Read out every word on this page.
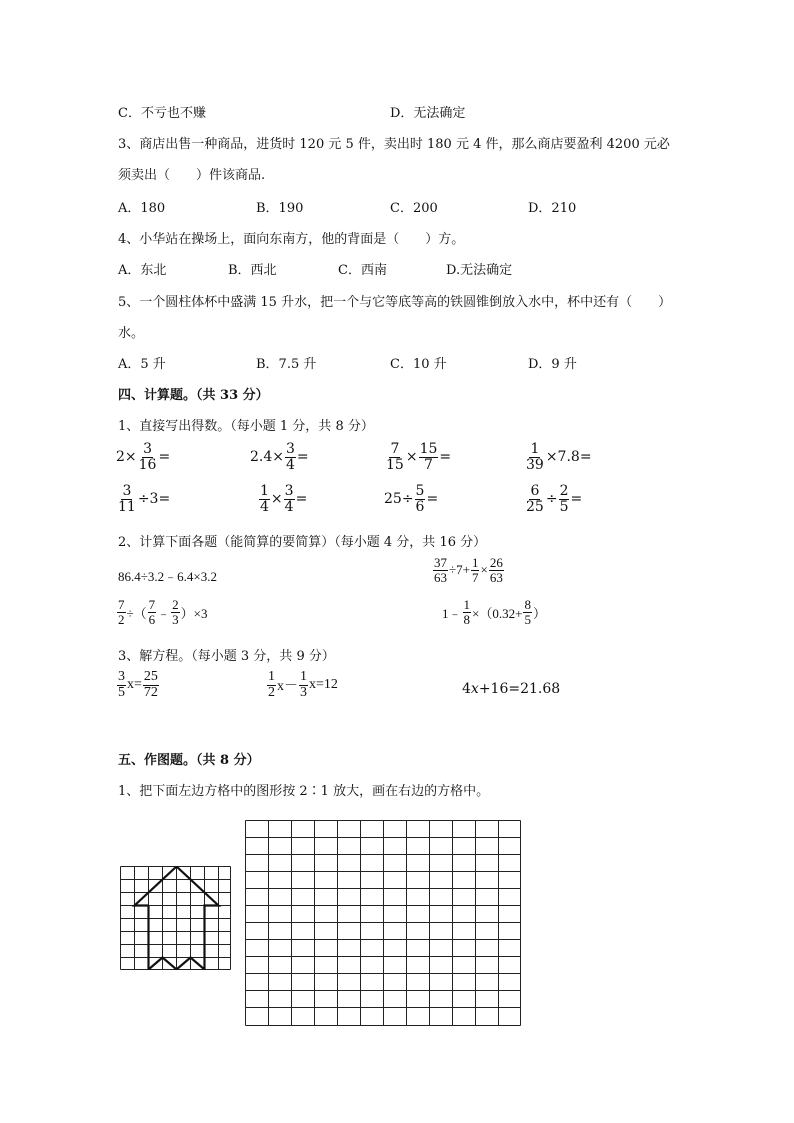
C．不亏也不赚	D．无法确定
3、商店出售一种商品，进货时 120 元 5 件，卖出时 180 元 4 件，那么商店要盈利 4200 元必
须卖出（　　）件该商品.
A．180	B．190	C．200	D．210
4、小华站在操场上，面向东南方，他的背面是（　　）方。
A．东北	B．西北	C．西南	D.无法确定
5、一个圆柱体杯中盛满 15 升水，把一个与它等底等高的铁圆锥倒放入水中，杯中还有（　　）
水。
A．5 升	B．7.5 升	C．10 升	D．9 升
四、计算题。（共 33 分）
1、直接写出得数。（每小题 1 分，共 8 分）
$2\times \frac{3}{16}$ =	$2.4\times \frac{3}{4}$ =	$\frac{7}{15} \times \frac{15}{7}$ =	$\frac{1}{39} \times 7.8=$
$\frac{3}{11} \div 3=$	$\frac{1}{4} \times \frac{3}{4}$ =	$25\div \frac{5}{6}$ =	$\frac{6}{25} \div \frac{2}{5}$ =
2、计算下面各题（能简算的要简算）（每小题 4 分，共 16 分）
86.4÷3.2﹣6.4×3.2	$\frac{37}{63} \div 7+ \frac{1}{7} \times \frac{26}{63}$
$\frac{7}{2}$ ÷（ $\frac{7}{6}$ ﹣ $\frac{2}{3} )\times 3$	1﹣ $\frac{1}{8} \times(0.32+ \frac{8}{5}$ ）
3、解方程。（每小题 3 分，共 9 分）
$\frac{3}{5} x= \frac{25}{72}$	$\frac{1}{2} x- \frac{1}{3} x=12$	4 x +16=21.68
五、作图题。（共 8 分）
1、把下面左边方格中的图形按 2∶1 放大，画在右边的方格中。
